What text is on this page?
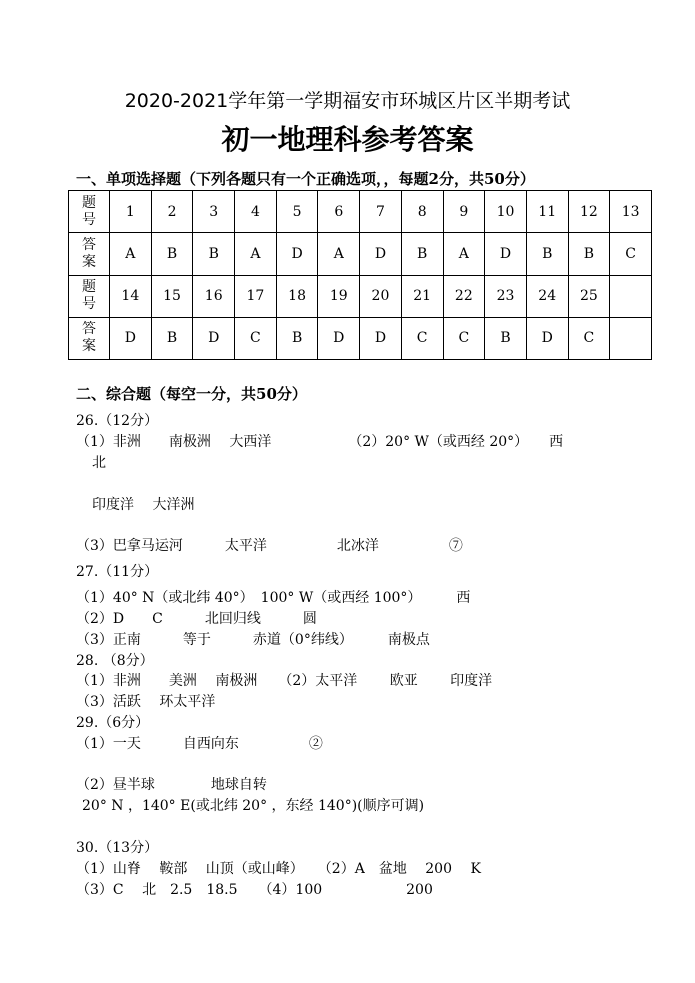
2020-2021学年第一学期福安市环城区片区半期考试
初一地理科参考答案
一、单项选择题（下列各题只有一个正确选项，，每题2分，共50分）
题号	1	2	3	4	5	6	7	8	9	10	11	12	13
答案	A	B	B	A	D	A	D	B	A	D	B	B	C
题号	14	15	16	17	18	19	20	21	22	23	24	25	
答案	D	B	D	C	B	D	D	C	C	B	D	C	
二、综合题（每空一分，共50分）
26.（12分）
（1）非洲　　南极洲　 大西洋　　　　　　（2）20° W（或西经 20°）　　西
北
印度洋　 大洋洲
（3）巴拿马运河　　　太平洋　　　　　北冰洋　　　　　⑦
27.（11分）
（1）40° N（或北纬 40°）　100° W（或西经 100°）　　　西
（2）D　　C　　　北回归线　　　圆
（3）正南　　　等于　　　赤道（0°纬线）　　　南极点
28. （8分）
（1）非洲　　美洲　 南极洲　　（2）太平洋　　 欧亚　　 印度洋
（3）活跃　 环太平洋
29.（6分）
（1）一天　　　自西向东　　　　　②
（2）昼半球　　　　地球自转
20° N ，140° E(或北纬 20° ，东经 140°)(顺序可调)
30.（13分）
（1）山脊　 鞍部　 山顶（或山峰）　　（2）A　盆地　 200　 K
（3）C　 北　2.5　18.5　　（4）100　　　　　　200
